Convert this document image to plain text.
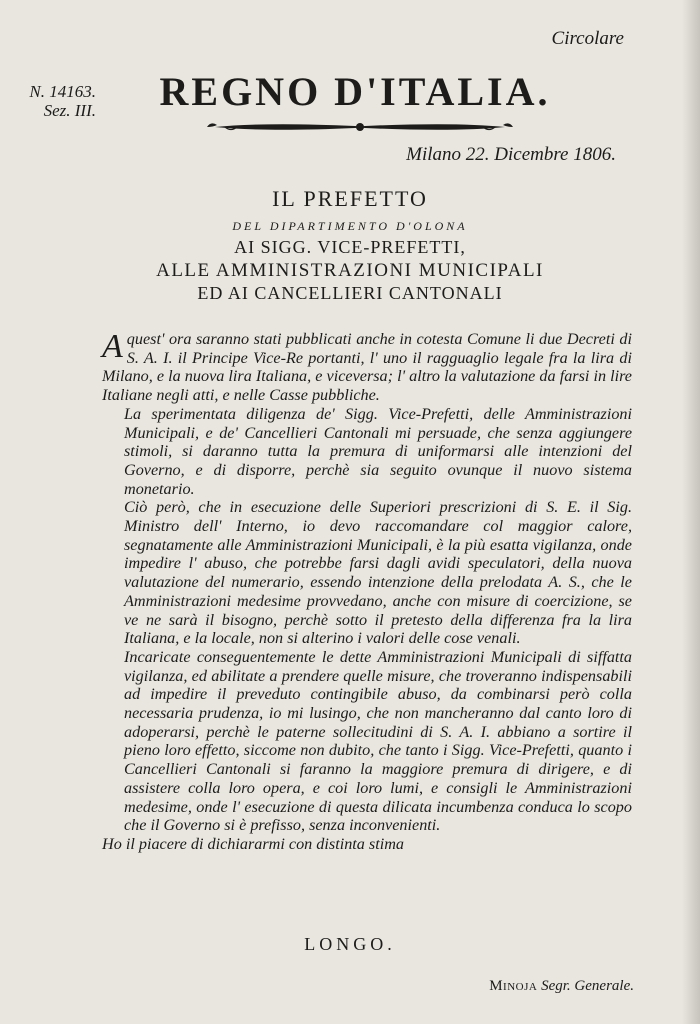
Circolare
N. 14163.
Sez. III.	REGNO D'ITALIA.
Milano 22. Dicembre 1806.
IL PREFETTO
DEL DIPARTIMENTO D'OLONA
AI SIGG. VICE-PREFETTI,
ALLE AMMINISTRAZIONI MUNICIPALI
ED AI CANCELLIERI CANTONALI

A quest' ora saranno stati pubblicati anche in cotesta Comune li due Decreti di S. A. I. il Principe Vice-Re portanti, l' uno il ragguaglio legale fra la lira di Milano, e la nuova lira Italiana, e viceversa; l' altro la valutazione da farsi in lire Italiane negli atti, e nelle Casse pubbliche.

La sperimentata diligenza de' Sigg. Vice-Prefetti, delle Amministrazioni Municipali, e de' Cancellieri Cantonali mi persuade, che senza aggiungere stimoli, si daranno tutta la premura di uniformarsi alle intenzioni del Governo, e di disporre, perchè sia seguito ovunque il nuovo sistema monetario.

Ciò però, che in esecuzione delle Superiori prescrizioni di S. E. il Sig. Ministro dell' Interno, io devo raccomandare col maggior calore, segnatamente alle Amministrazioni Municipali, è la più esatta vigilanza, onde impedire l' abuso, che potrebbe farsi dagli avidi speculatori, della nuova valutazione del numerario, essendo intenzione della prelodata A. S., che le Amministrazioni medesime provvedano, anche con misure di coercizione, se ve ne sarà il bisogno, perchè sotto il pretesto della differenza fra la lira Italiana, e la locale, non si alterino i valori delle cose venali.

Incaricate conseguentemente le dette Amministrazioni Municipali di siffatta vigilanza, ed abilitate a prendere quelle misure, che troveranno indispensabili ad impedire il preveduto contingibile abuso, da combinarsi però colla necessaria prudenza, io mi lusingo, che non mancheranno dal canto loro di adoperarsi, perchè le paterne sollecitudini di S. A. I. abbiano a sortire il pieno loro effetto, siccome non dubito, che tanto i Sigg. Vice-Prefetti, quanto i Cancellieri Cantonali si faranno la maggiore premura di dirigere, e di assistere colla loro opera, e coi loro lumi, e consigli le Amministrazioni medesime, onde l' esecuzione di questa dilicata incumbenza conduca lo scopo che il Governo si è prefisso, senza inconvenienti.

Ho il piacere di dichiararmi con distinta stima

LONGO.
Minoja Segr. Generale.
